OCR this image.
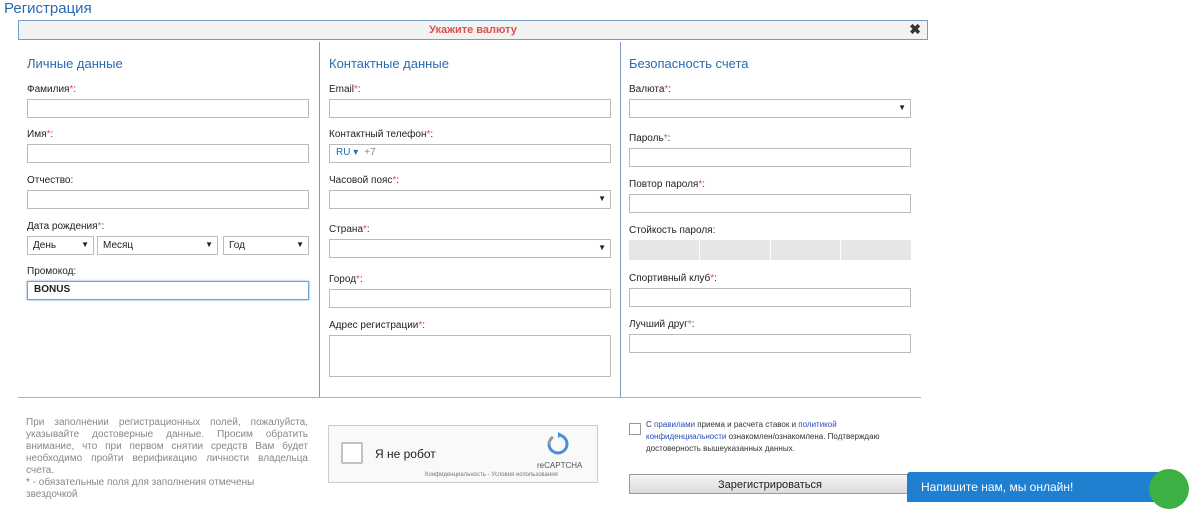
Регистрация
Укажите валюту	✖
Личные данные
Фамилия*:
Имя*:
Отчество:
Дата рождения*:
День ▼	Месяц ▼	Год ▼
Промокод:
BONUS
Контактные данные
Email*:
Контактный телефон*:
RU ▾ +7
Часовой пояс*:
▼
Страна*:
▼
Город*:
Адрес регистрации*:
Безопасность счета
Валюта*:
▼
Пароль*:
Повтор пароля*:
Стойкость пароля:
Спортивный клуб*:
Лучший друг*:
При заполнении регистрационных полей, пожалуйста, указывайте достоверные данные. Просим обратить внимание, что при первом снятии средств Вам будет необходимо пройти верификацию личности владельца счета.
* - обязательные поля для заполнения отмечены звездочкой
Я не робот
reCAPTCHA
Конфиденциальность - Условия использования
С правилами приема и расчета ставок и политикой конфиденциальности ознакомлен/ознакомлена. Подтверждаю достоверность вышеуказанных данных.
Зарегистрироваться	Напишите нам, мы онлайн!
